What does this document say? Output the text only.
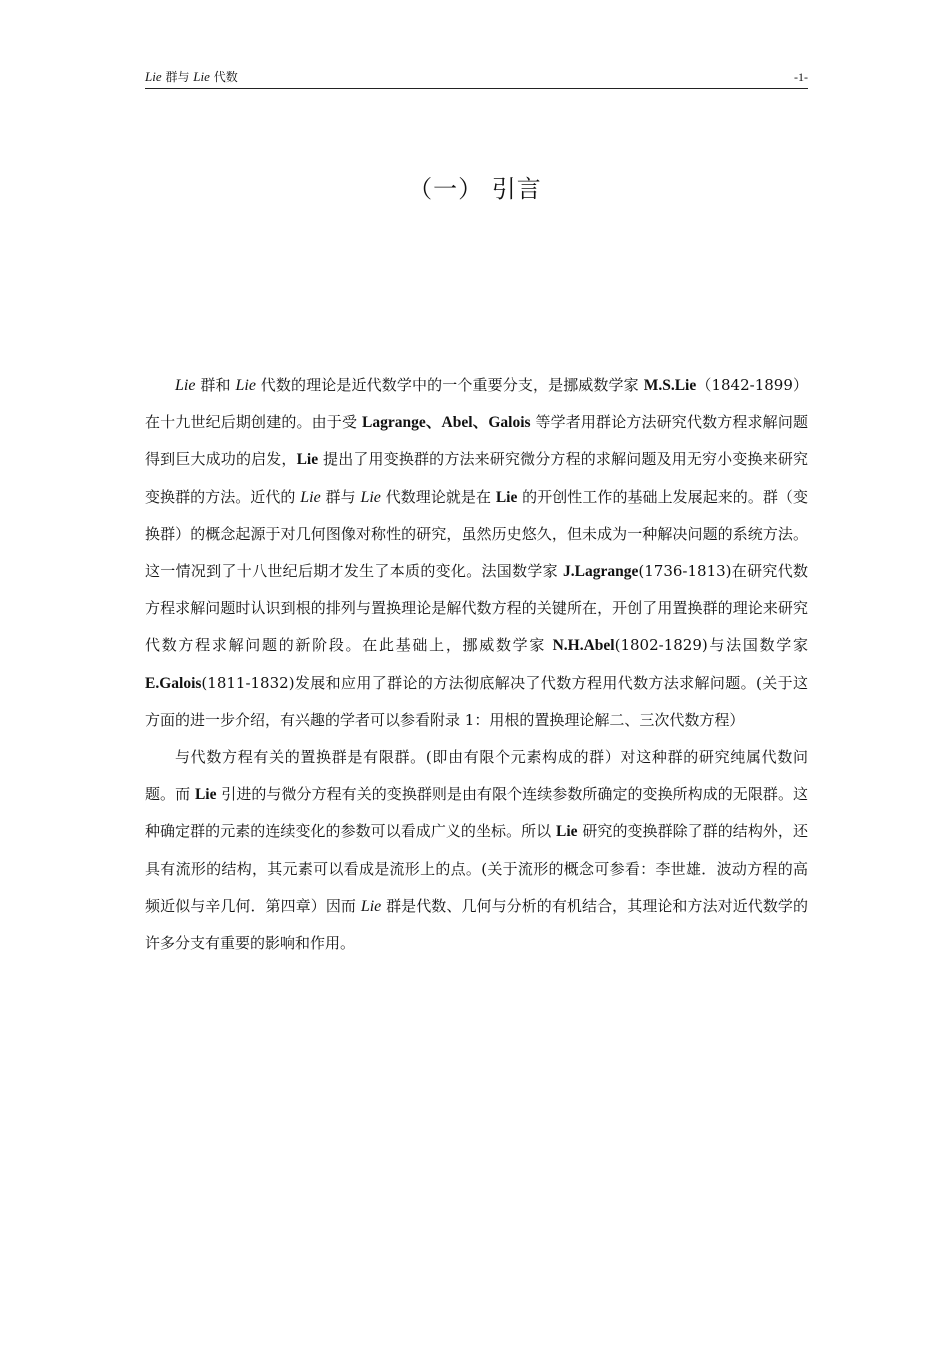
Lie 群与 Lie 代数	-1-
（一） 引言

Lie 群和 Lie 代数的理论是近代数学中的一个重要分支，是挪威数学家 M.S.Lie（1842-1899）在十九世纪后期创建的。由于受 Lagrange、Abel、Galois 等学者用群论方法研究代数方程求解问题得到巨大成功的启发，Lie 提出了用变换群的方法来研究微分方程的求解问题及用无穷小变换来研究变换群的方法。近代的 Lie 群与 Lie 代数理论就是在 Lie 的开创性工作的基础上发展起来的。群（变换群）的概念起源于对几何图像对称性的研究，虽然历史悠久，但未成为一种解决问题的系统方法。这一情况到了十八世纪后期才发生了本质的变化。法国数学家 J.Lagrange(1736-1813)在研究代数方程求解问题时认识到根的排列与置换理论是解代数方程的关键所在，开创了用置换群的理论来研究代数方程求解问题的新阶段。在此基础上，挪威数学家 N.H.Abel(1802-1829)与法国数学家 E.Galois(1811-1832)发展和应用了群论的方法彻底解决了代数方程用代数方法求解问题。(关于这方面的进一步介绍，有兴趣的学者可以参看附录 1：用根的置换理论解二、三次代数方程）

与代数方程有关的置换群是有限群。(即由有限个元素构成的群）对这种群的研究纯属代数问题。而 Lie 引进的与微分方程有关的变换群则是由有限个连续参数所确定的变换所构成的无限群。这种确定群的元素的连续变化的参数可以看成广义的坐标。所以 Lie 研究的变换群除了群的结构外，还具有流形的结构，其元素可以看成是流形上的点。(关于流形的概念可参看：李世雄．波动方程的高频近似与辛几何．第四章）因而 Lie 群是代数、几何与分析的有机结合，其理论和方法对近代数学的许多分支有重要的影响和作用。
